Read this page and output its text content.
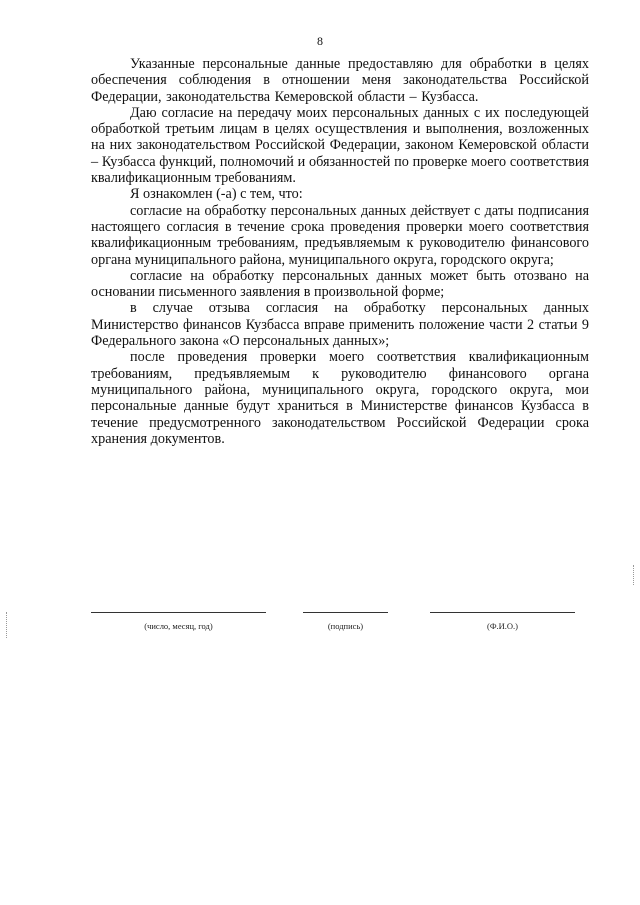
8

Указанные персональные данные предоставляю для обработки в целях обеспечения соблюдения в отношении меня законодательства Российской Федерации, законодательства Кемеровской области – Кузбасса.

Даю согласие на передачу моих персональных данных с их последующей обработкой третьим лицам в целях осуществления и выполнения, возложенных на них законодательством Российской Федерации, законом Кемеровской области – Кузбасса функций, полномочий и обязанностей по проверке моего соответствия квалификационным требованиям.

Я ознакомлен (-а) с тем, что:

согласие на обработку персональных данных действует с даты подписания настоящего согласия в течение срока проведения проверки моего соответствия квалификационным требованиям, предъявляемым к руководителю финансового органа муниципального района, муниципального округа, городского округа;

согласие на обработку персональных данных может быть отозвано на основании письменного заявления в произвольной форме;

в случае отзыва согласия на обработку персональных данных Министерство финансов Кузбасса вправе применить положение части 2 статьи 9 Федерального закона «О персональных данных»;

после проведения проверки моего соответствия квалификационным требованиям, предъявляемым к руководителю финансового органа муниципального района, муниципального округа, городского округа, мои персональные данные будут храниться в Министерстве финансов Кузбасса в течение предусмотренного законодательством Российской Федерации срока хранения документов.

(число, месяц, год)	(подпись)	(Ф.И.О.)
